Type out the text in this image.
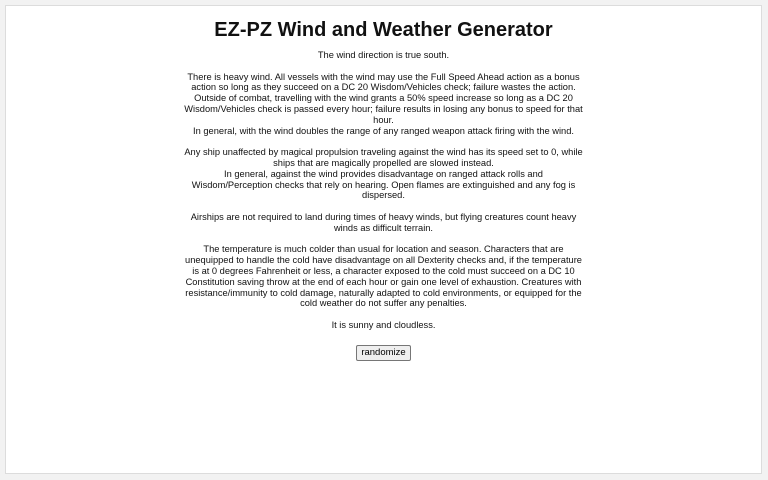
EZ-PZ Wind and Weather Generator

The wind direction is true south.

There is heavy wind. All vessels with the wind may use the Full Speed Ahead action as a bonus action so long as they succeed on a DC 20 Wisdom/Vehicles check; failure wastes the action. Outside of combat, travelling with the wind grants a 50% speed increase so long as a DC 20 Wisdom/Vehicles check is passed every hour; failure results in losing any bonus to speed for that hour.
In general, with the wind doubles the range of any ranged weapon attack firing with the wind.

Any ship unaffected by magical propulsion traveling against the wind has its speed set to 0, while ships that are magically propelled are slowed instead.
In general, against the wind provides disadvantage on ranged attack rolls and Wisdom/Perception checks that rely on hearing. Open flames are extinguished and any fog is dispersed.

Airships are not required to land during times of heavy winds, but flying creatures count heavy winds as difficult terrain.

The temperature is much colder than usual for location and season. Characters that are unequipped to handle the cold have disadvantage on all Dexterity checks and, if the temperature is at 0 degrees Fahrenheit or less, a character exposed to the cold must succeed on a DC 10 Constitution saving throw at the end of each hour or gain one level of exhaustion. Creatures with resistance/immunity to cold damage, naturally adapted to cold environments, or equipped for the cold weather do not suffer any penalties.

It is sunny and cloudless.

randomize
